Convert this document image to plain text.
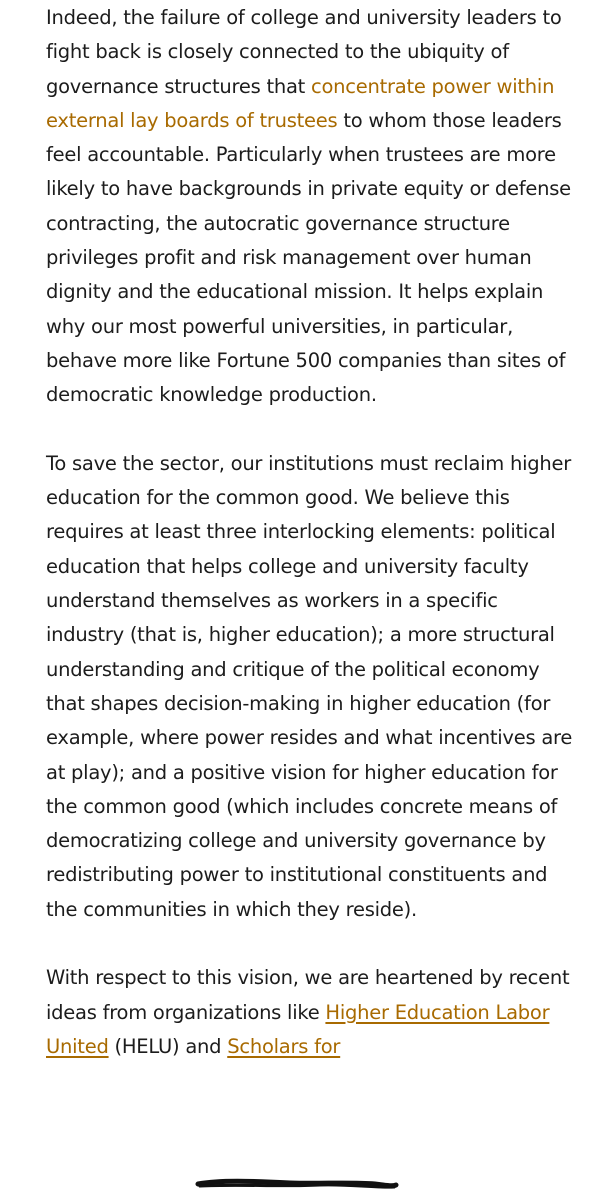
Indeed, the failure of college and university leaders to fight back is closely connected to the ubiquity of governance structures that concentrate power within external lay boards of trustees to whom those leaders feel accountable. Particularly when trustees are more likely to have backgrounds in private equity or defense contracting, the autocratic governance structure privileges profit and risk management over human dignity and the educational mission. It helps explain why our most powerful universities, in particular, behave more like Fortune 500 companies than sites of democratic knowledge production.

To save the sector, our institutions must reclaim higher education for the common good. We believe this requires at least three interlocking elements: political education that helps college and university faculty understand themselves as workers in a specific industry (that is, higher education); a more structural understanding and critique of the political economy that shapes decision-making in higher education (for example, where power resides and what incentives are at play); and a positive vision for higher education for the common good (which includes concrete means of democratizing college and university governance by redistributing power to institutional constituents and the communities in which they reside).

With respect to this vision, we are heartened by recent ideas from organizations like Higher Education Labor United (HELU) and Scholars for
